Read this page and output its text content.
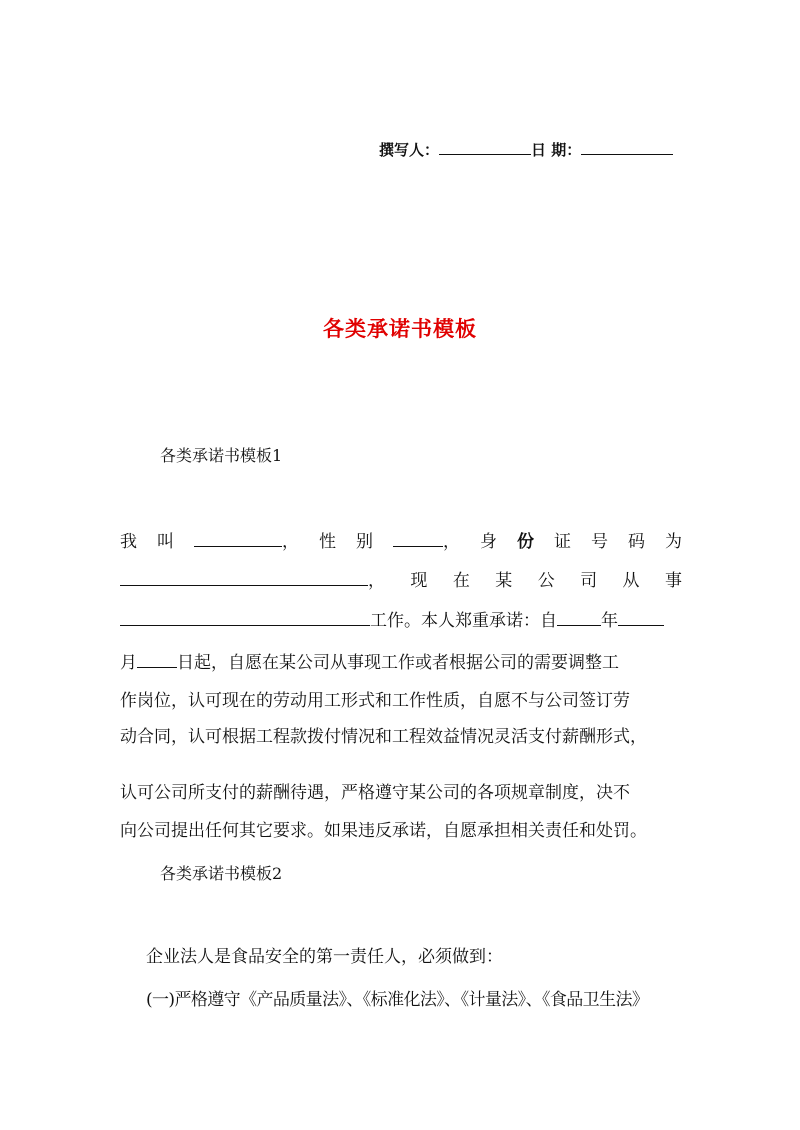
撰写人：	日 期：
各类承诺书模板
各类承诺书模板1
我 叫	， 性 别	， 身 份 证 号 码 为
， 现 在 某 公 司 从 事
工作。本人郑重承诺：自	年
月 日起，自愿在某公司从事现工作或者根据公司的需要调整工
作岗位，认可现在的劳动用工形式和工作性质，自愿不与公司签订劳
动合同，认可根据工程款拨付情况和工程效益情况灵活支付薪酬形式，
认可公司所支付的薪酬待遇，严格遵守某公司的各项规章制度，决不
向公司提出任何其它要求。如果违反承诺，自愿承担相关责任和处罚。
各类承诺书模板2
企业法人是食品安全的第一责任人，必须做到：
(一)严格遵守《产品质量法》、《标准化法》、《计量法》、《食品卫生法》
